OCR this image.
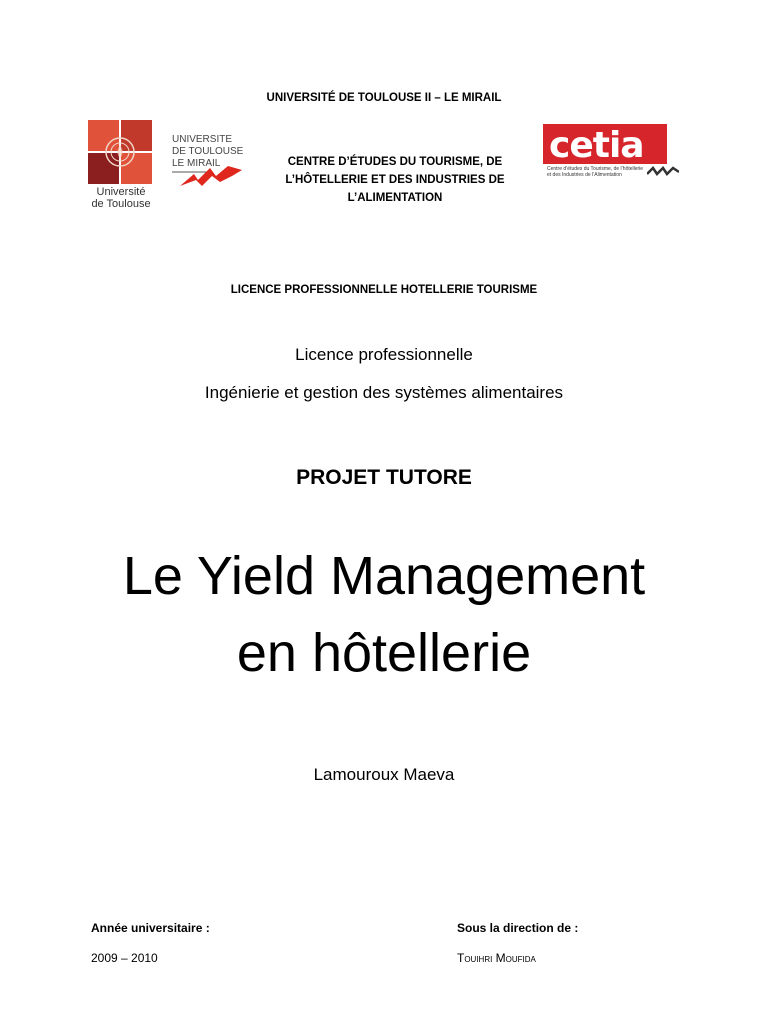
UNIVERSITÉ DE TOULOUSE II – LE MIRAIL
Université
de Toulouse
UNIVERSITE
DE TOULOUSE
LE MIRAIL	CENTRE D’ÉTUDES DU TOURISME, DE
L’HÔTELLERIE ET DES INDUSTRIES DE
L’ALIMENTATION
cetia
Centre d’études du Tourisme, de l’hôtellerie et des Industries de l’Alimentation
LICENCE PROFESSIONNELLE HOTELLERIE TOURISME
Licence professionnelle
Ingénierie et gestion des systèmes alimentaires
PROJET TUTORE
Le Yield Management
en hôtellerie
Lamouroux Maeva
Année universitaire :
2009 – 2010
Sous la direction de :
Touihri Moufida
